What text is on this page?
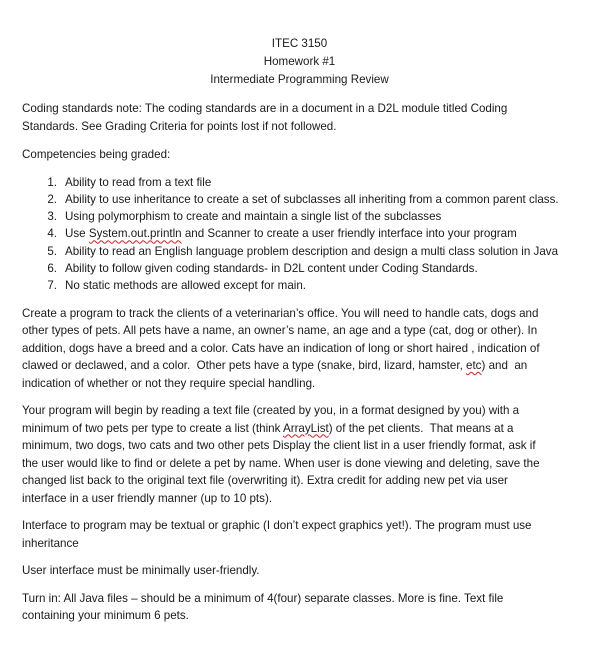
ITEC 3150
Homework #1
Intermediate Programming Review

Coding standards note: The coding standards are in a document in a D2L module titled Coding
Standards. See Grading Criteria for points lost if not followed.

Competencies being graded:

1. Ability to read from a text file
2. Ability to use inheritance to create a set of subclasses all inheriting from a common parent class.
3. Using polymorphism to create and maintain a single list of the subclasses
4. Use System.out.println and Scanner to create a user friendly interface into your program
5. Ability to read an English language problem description and design a multi class solution in Java
6. Ability to follow given coding standards- in D2L content under Coding Standards.
7. No static methods are allowed except for main.

Create a program to track the clients of a veterinarian’s office. You will need to handle cats, dogs and
other types of pets. All pets have a name, an owner’s name, an age and a type (cat, dog or other). In
addition, dogs have a breed and a color. Cats have an indication of long or short haired , indication of
clawed or declawed, and a color.  Other pets have a type (snake, bird, lizard, hamster, etc) and  an
indication of whether or not they require special handling.

Your program will begin by reading a text file (created by you, in a format designed by you) with a
minimum of two pets per type to create a list (think ArrayList) of the pet clients.  That means at a
minimum, two dogs, two cats and two other pets Display the client list in a user friendly format, ask if
the user would like to find or delete a pet by name. When user is done viewing and deleting, save the
changed list back to the original text file (overwriting it). Extra credit for adding new pet via user
interface in a user friendly manner (up to 10 pts).

Interface to program may be textual or graphic (I don’t expect graphics yet!). The program must use
inheritance

User interface must be minimally user-friendly.

Turn in: All Java files – should be a minimum of 4(four) separate classes. More is fine. Text file
containing your minimum 6 pets.
